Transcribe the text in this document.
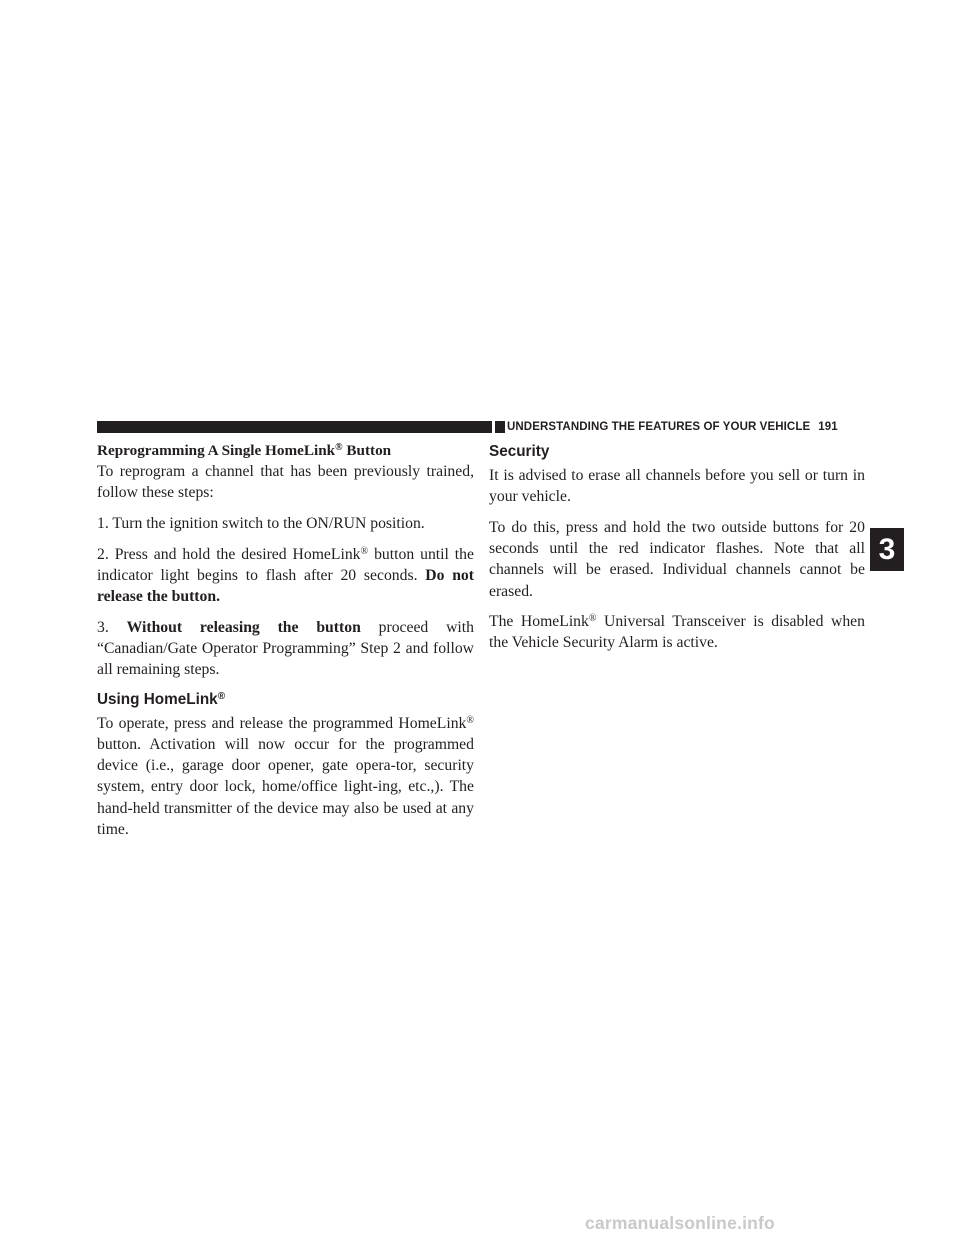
UNDERSTANDING THE FEATURES OF YOUR VEHICLE 191
3
Reprogramming A Single HomeLink® Button

To reprogram a channel that has been previously trained, follow these steps:

1. Turn the ignition switch to the ON/RUN position.

2. Press and hold the desired HomeLink® button until the indicator light begins to flash after 20 seconds. Do not release the button.

3. Without releasing the button proceed with “Canadian/Gate Operator Programming” Step 2 and follow all remaining steps.

Using HomeLink®

To operate, press and release the programmed HomeLink® button. Activation will now occur for the programmed device (i.e., garage door opener, gate opera-tor, security system, entry door lock, home/office light-ing, etc.,). The hand-held transmitter of the device may also be used at any time.

Security

It is advised to erase all channels before you sell or turn in your vehicle.

To do this, press and hold the two outside buttons for 20 seconds until the red indicator flashes. Note that all channels will be erased. Individual channels cannot be erased.

The HomeLink® Universal Transceiver is disabled when the Vehicle Security Alarm is active.

carmanualsonline.info
